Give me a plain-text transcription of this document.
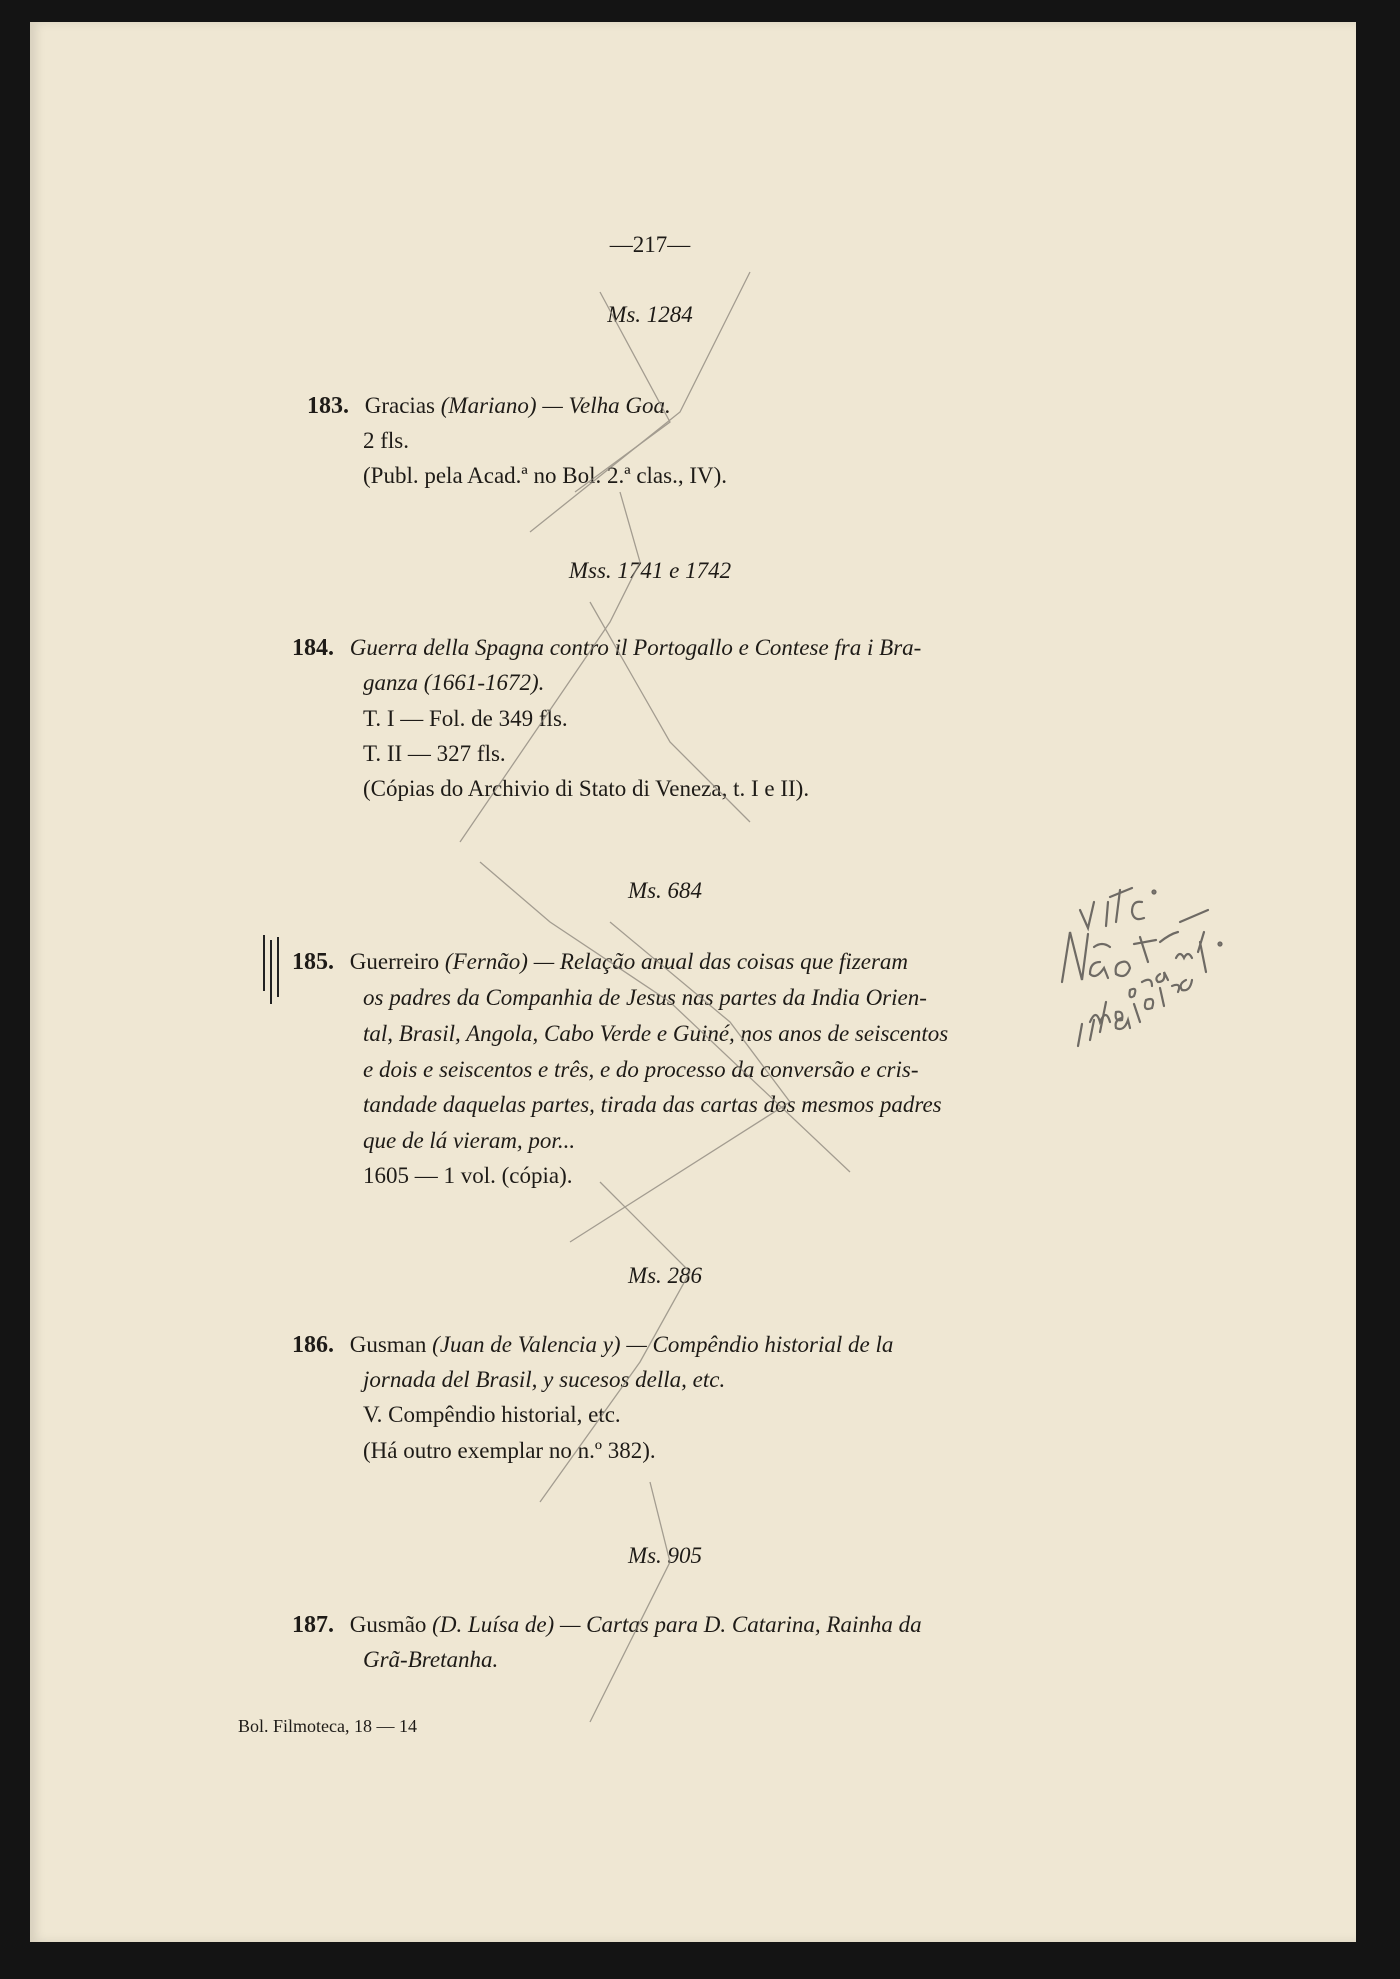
—217—
Ms. 1284
183. Gracias (Mariano) — Velha Goa.
2 fls.
(Publ. pela Acad.ª no Bol. 2.ª clas., IV).
Mss. 1741 e 1742
184. Guerra della Spagna contro il Portogallo e Contese fra i Bra-
ganza (1661-1672).
T. I — Fol. de 349 fls.
T. II — 327 fls.
(Cópias do Archivio di Stato di Veneza, t. I e II).
Ms. 684
185. Guerreiro (Fernão) — Relação anual das coisas que fizeram
os padres da Companhia de Jesus nas partes da India Orien-
tal, Brasil, Angola, Cabo Verde e Guiné, nos anos de seiscentos
e dois e seiscentos e três, e do processo da conversão e cris-
tandade daquelas partes, tirada das cartas dos mesmos padres
que de lá vieram, por...
1605 — 1 vol. (cópia).
Ms. 286
186. Gusman (Juan de Valencia y) — Compêndio historial de la
jornada del Brasil, y sucesos della, etc.
V. Compêndio historial, etc.
(Há outro exemplar no n.º 382).
Ms. 905
187. Gusmão (D. Luísa de) — Cartas para D. Catarina, Rainha da
Grã-Bretanha.
Bol. Filmoteca, 18 — 14
